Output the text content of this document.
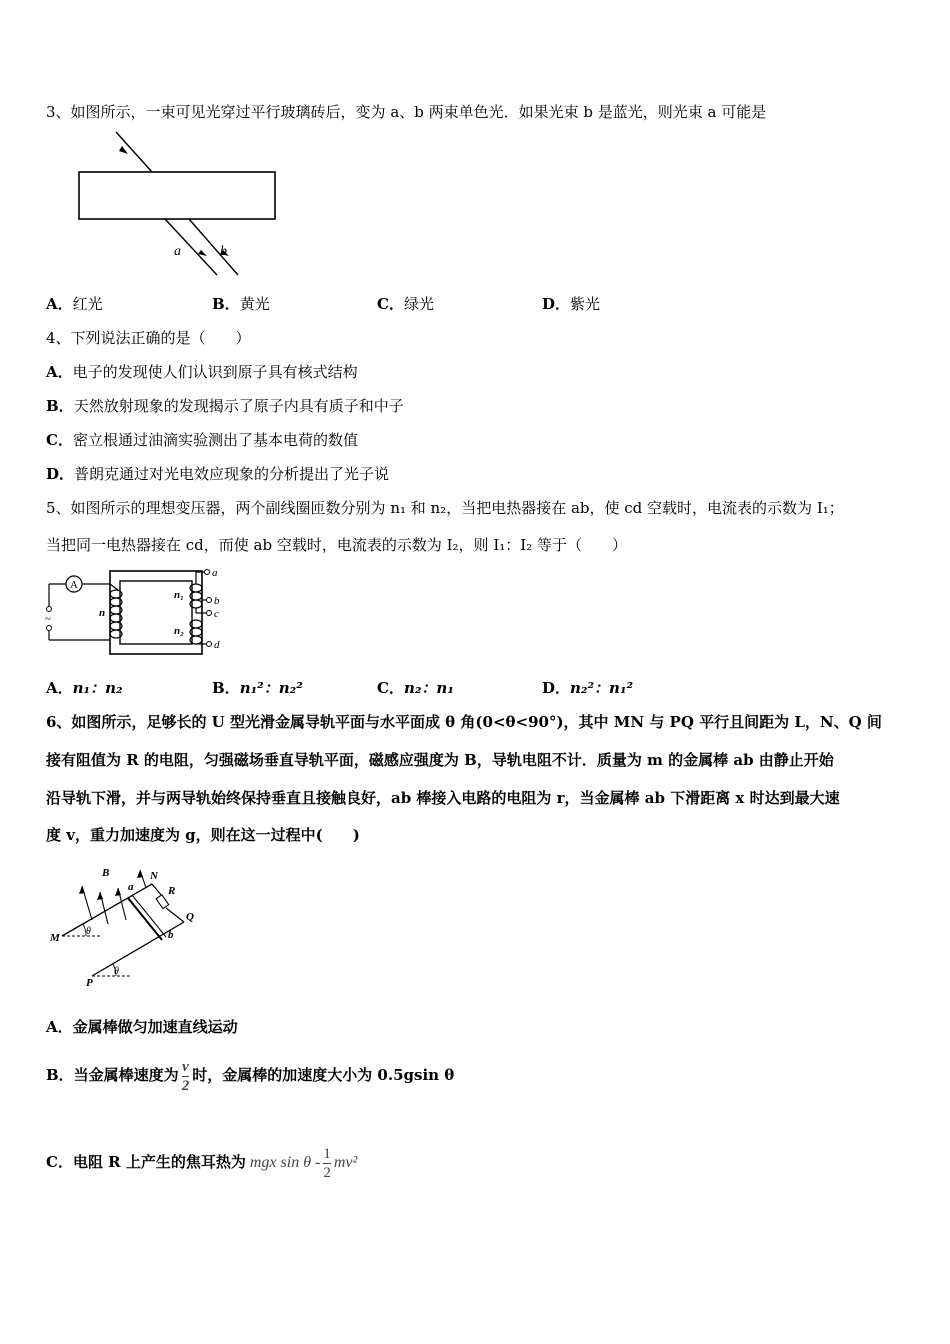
3、如图所示，一束可见光穿过平行玻璃砖后，变为 a、b 两束单色光．如果光束 b 是蓝光，则光束 a 可能是
a	b
A．红光	B．黄光	C．绿光	D．紫光
4、下列说法正确的是（　　）
A．电子的发现使人们认识到原子具有核式结构
B．天然放射现象的发现揭示了原子内具有质子和中子
C．密立根通过油滴实验测出了基本电荷的数值
D．普朗克通过对光电效应现象的分析提出了光子说
5、如图所示的理想变压器，两个副线圈匝数分别为 n₁ 和 n₂，当把电热器接在 ab，使 cd 空载时，电流表的示数为 I₁；
当把同一电热器接在 cd，而使 ab 空载时，电流表的示数为 I₂，则 I₁：I₂ 等于（　　）
A
~	n
n₁
n₂
a
b
c
d
A．n₁：n₂	B．n₁²：n₂²	C．n₂：n₁	D．n₂²：n₁²
6、如图所示，足够长的 U 型光滑金属导轨平面与水平面成 θ 角(0<θ<90°)，其中 MN 与 PQ 平行且间距为 L，N、Q 间
接有阻值为 R 的电阻，匀强磁场垂直导轨平面，磁感应强度为 B，导轨电阻不计．质量为 m 的金属棒 ab 由静止开始
沿导轨下滑，并与两导轨始终保持垂直且接触良好，ab 棒接入电路的电阻为 r，当金属棒 ab 下滑距离 x 时达到最大速
度 v，重力加速度为 g，则在这一过程中(　　)
B
a
N
R
Q
M
θ	b
P
θ
A．金属棒做匀加速直线运动
B．当金属棒速度为 $\frac{v}{2}$ 时，金属棒的加速度大小为 0.5gsin θ
C．电阻 R 上产生的焦耳热为 mgx sin θ - $\frac{1}{2} mv^2$
